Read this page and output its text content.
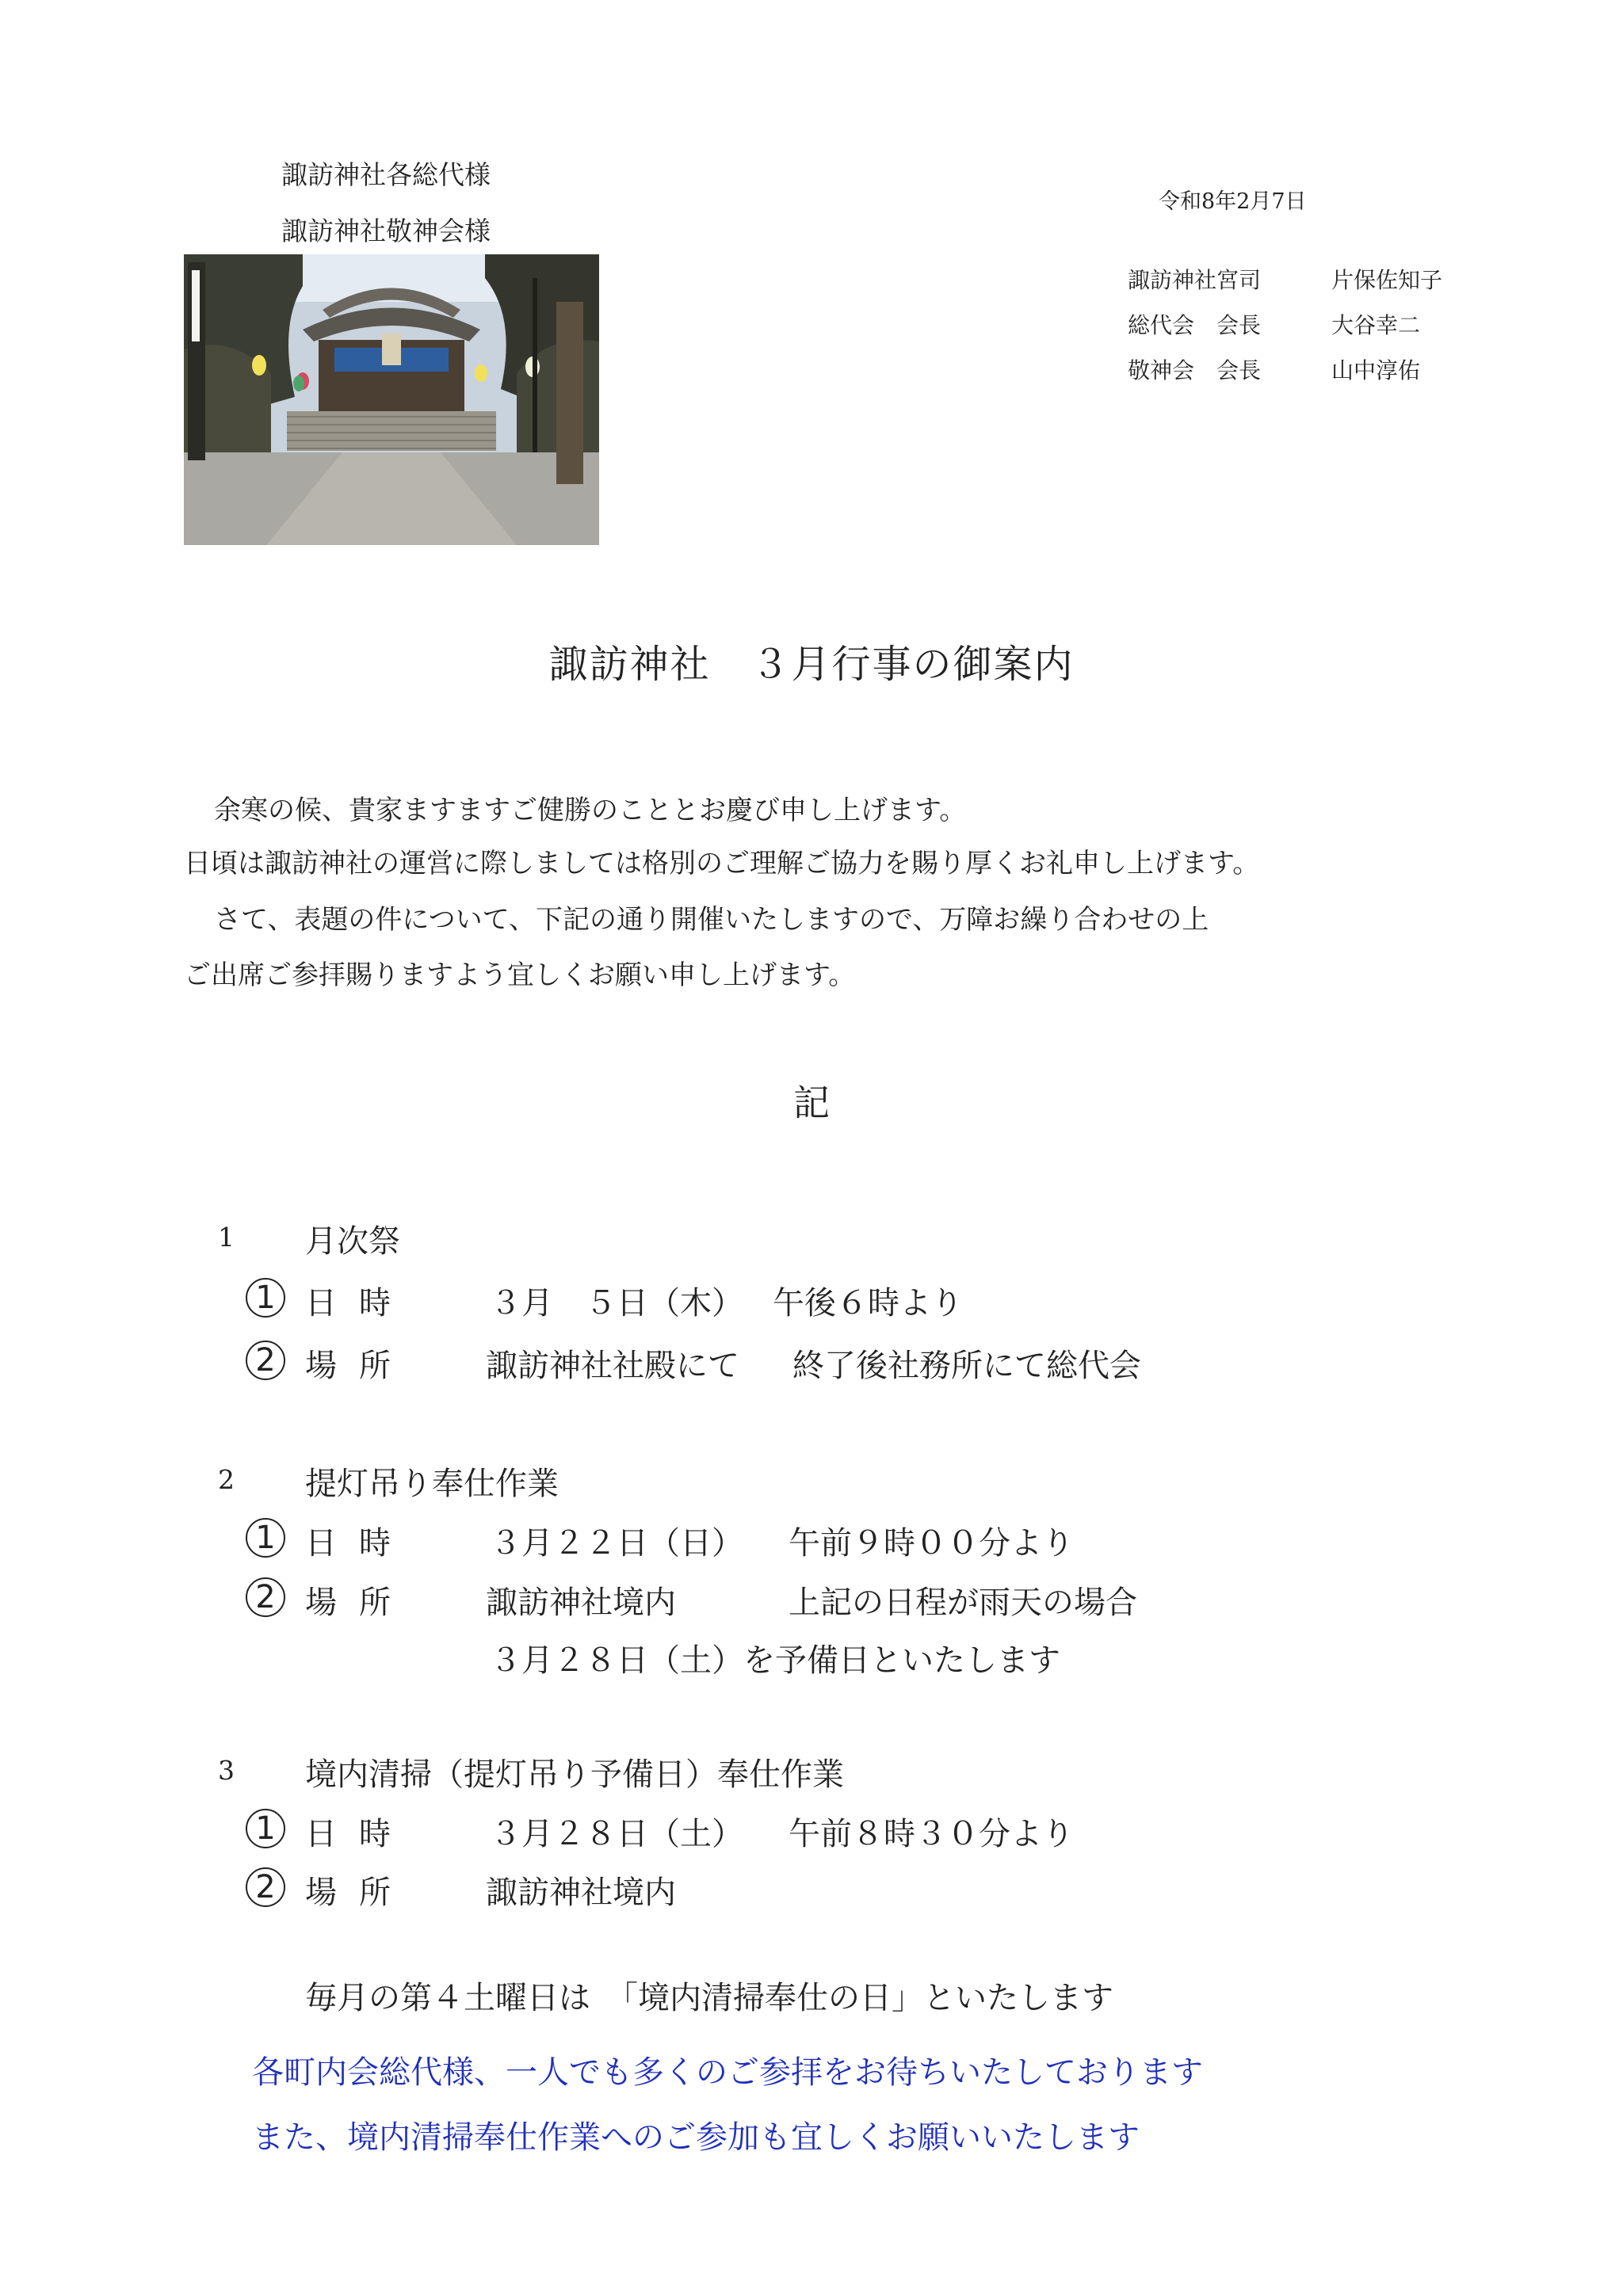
諏訪神社各総代様
諏訪神社敬神会様
令和8年2月7日
諏訪神社宮司	片保佐知子
総代会　会長	大谷幸二
敬神会　会長	山中淳佑
諏訪神社　３月行事の御案内
余寒の候、貴家ますますご健勝のこととお慶び申し上げます。
日頃は諏訪神社の運営に際しましては格別のご理解ご協力を賜り厚くお礼申し上げます。
さて、表題の件について、下記の通り開催いたしますので、万障お繰り合わせの上
ご出席ご参拝賜りますよう宜しくお願い申し上げます。
記
1 月次祭
1 日時 ３月　５日（木） 午後６時より
2 場所 諏訪神社社殿にて 終了後社務所にて総代会
2 提灯吊り奉仕作業
1 日時 ３月２２日（日） 午前９時００分より
2 場所 諏訪神社境内	上記の日程が雨天の場合
３月２８日（土）を予備日といたします
3 境内清掃（提灯吊り予備日）奉仕作業
1 日時 ３月２８日（土） 午前８時３０分より
2 場所 諏訪神社境内
毎月の第４土曜日は　「境内清掃奉仕の日」といたします
各町内会総代様、一人でも多くのご参拝をお待ちいたしております
また、境内清掃奉仕作業へのご参加も宜しくお願いいたします
